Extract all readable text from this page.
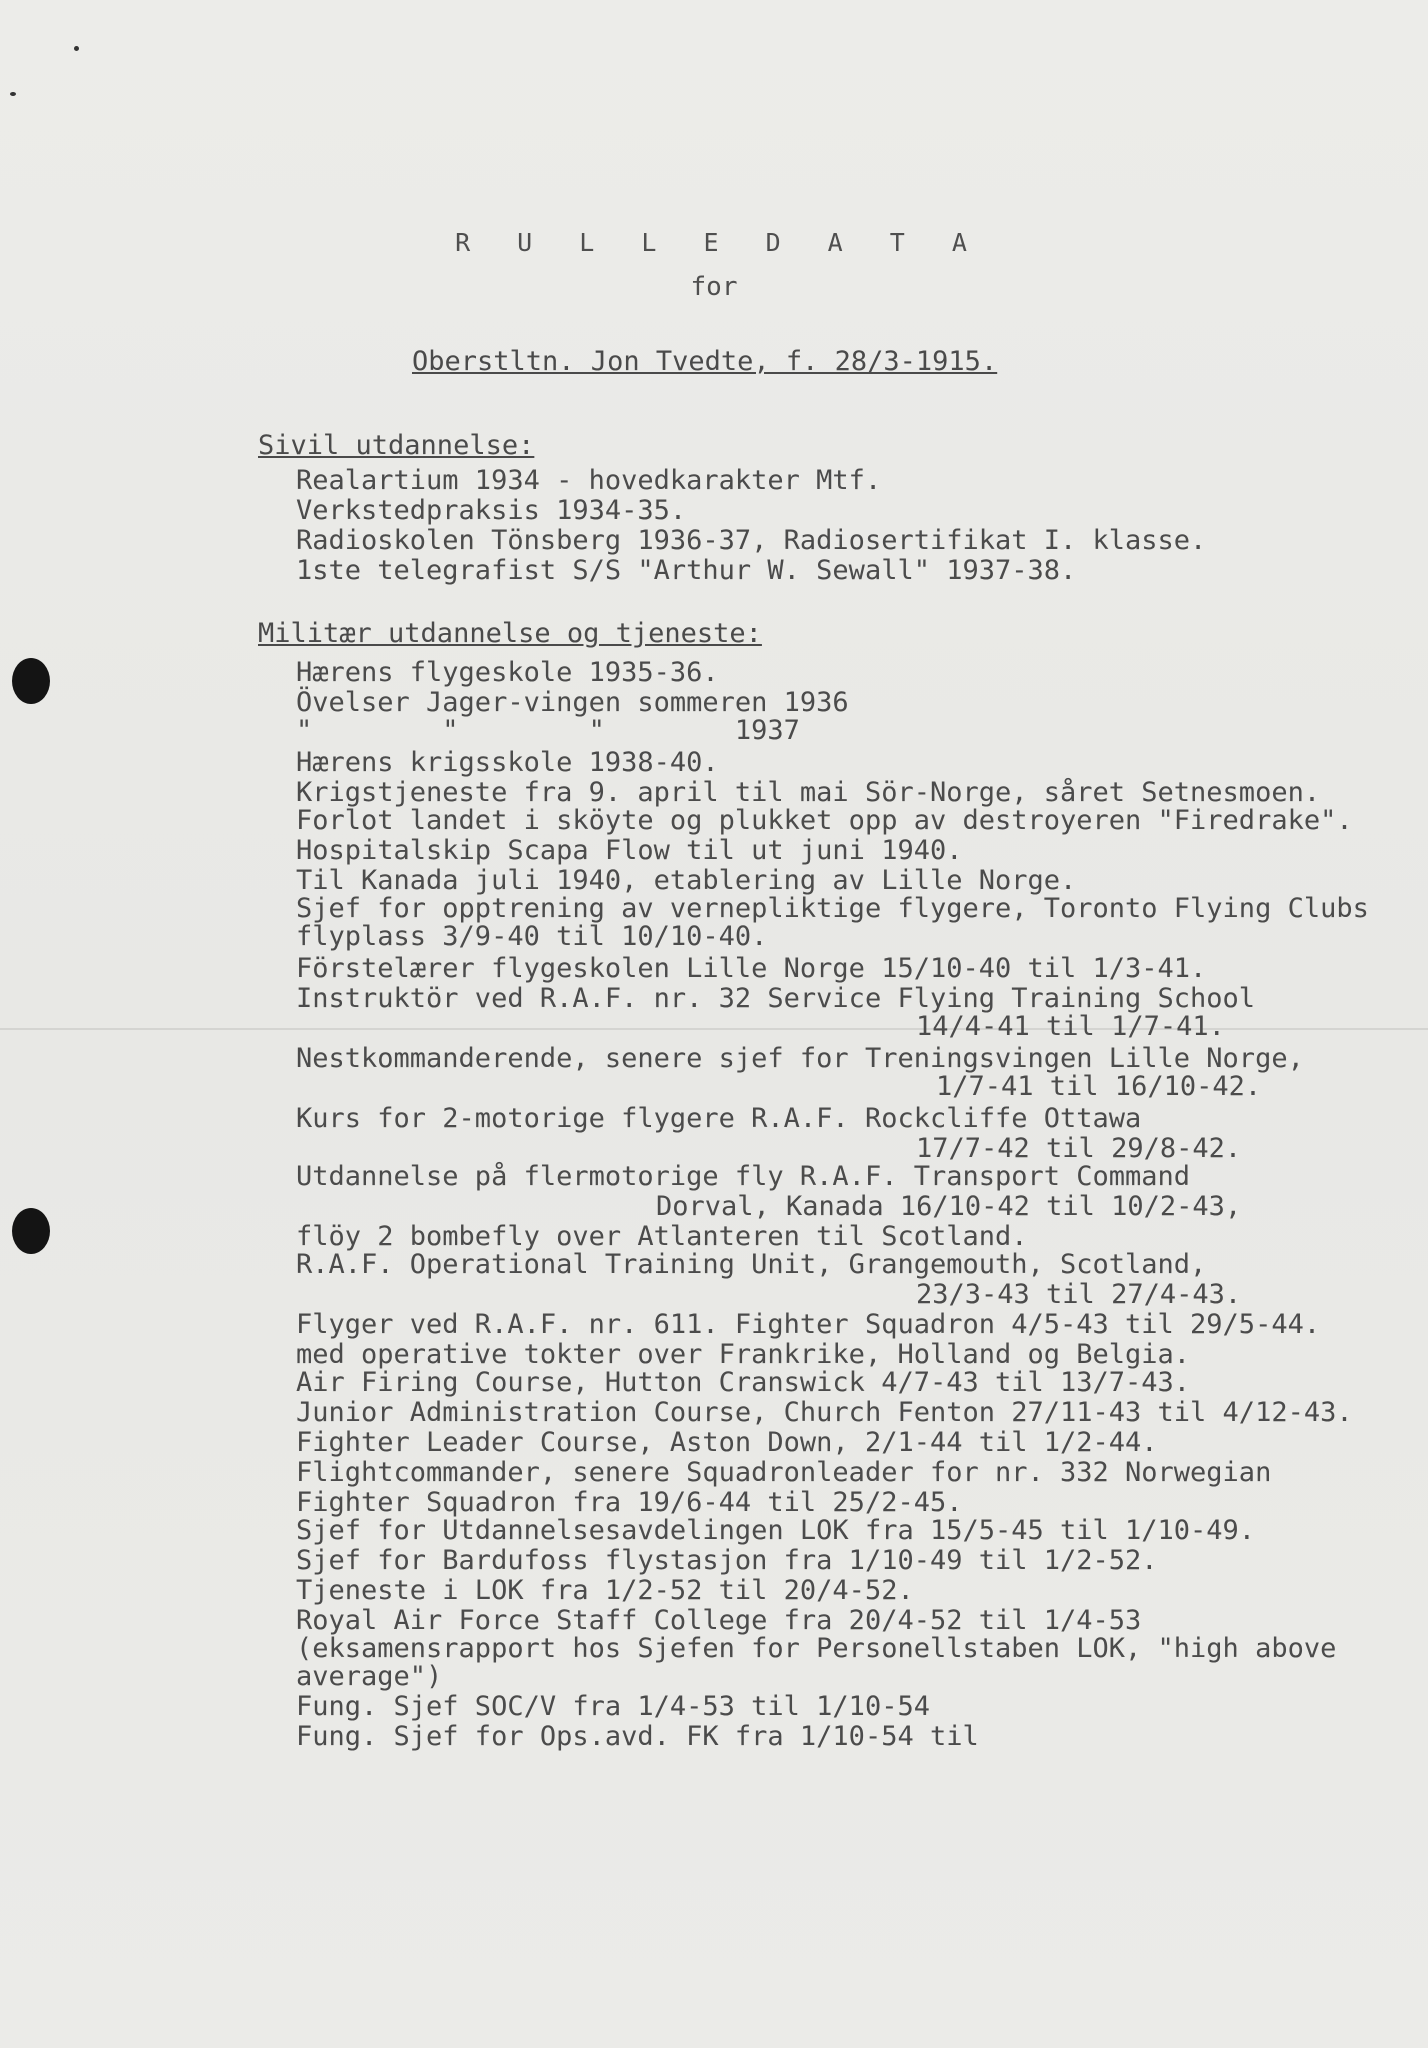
R U L L E D A T A
for
Oberstltn. Jon Tvedte, f. 28/3-1915.
Sivil utdannelse:
Realartium 1934 - hovedkarakter Mtf.
Verkstedpraksis 1934-35.
Radioskolen Tönsberg 1936-37, Radiosertifikat I. klasse.
1ste telegrafist S/S "Arthur W. Sewall" 1937-38.
Militær utdannelse og tjeneste:
Hærens flygeskole 1935-36.
Övelser Jager-vingen sommeren 1936
"        "        "        1937
Hærens krigsskole 1938-40.
Krigstjeneste fra 9. april til mai Sör-Norge, såret Setnesmoen.
Forlot landet i sköyte og plukket opp av destroyeren "Firedrake".
Hospitalskip Scapa Flow til ut juni 1940.
Til Kanada juli 1940, etablering av Lille Norge.
Sjef for opptrening av vernepliktige flygere, Toronto Flying Clubs
flyplass 3/9-40 til 10/10-40.
Förstelærer flygeskolen Lille Norge 15/10-40 til 1/3-41.
Instruktör ved R.A.F. nr. 32 Service Flying Training School
14/4-41 til 1/7-41.
Nestkommanderende, senere sjef for Treningsvingen Lille Norge,
1/7-41 til 16/10-42.
Kurs for 2-motorige flygere R.A.F. Rockcliffe Ottawa
17/7-42 til 29/8-42.
Utdannelse på flermotorige fly R.A.F. Transport Command
Dorval, Kanada 16/10-42 til 10/2-43,
flöy 2 bombefly over Atlanteren til Scotland.
R.A.F. Operational Training Unit, Grangemouth, Scotland,
23/3-43 til 27/4-43.
Flyger ved R.A.F. nr. 611. Fighter Squadron 4/5-43 til 29/5-44.
med operative tokter over Frankrike, Holland og Belgia.
Air Firing Course, Hutton Cranswick 4/7-43 til 13/7-43.
Junior Administration Course, Church Fenton 27/11-43 til 4/12-43.
Fighter Leader Course, Aston Down, 2/1-44 til 1/2-44.
Flightcommander, senere Squadronleader for nr. 332 Norwegian
Fighter Squadron fra 19/6-44 til 25/2-45.
Sjef for Utdannelsesavdelingen LOK fra 15/5-45 til 1/10-49.
Sjef for Bardufoss flystasjon fra 1/10-49 til 1/2-52.
Tjeneste i LOK fra 1/2-52 til 20/4-52.
Royal Air Force Staff College fra 20/4-52 til 1/4-53
(eksamensrapport hos Sjefen for Personellstaben LOK, "high above
average")
Fung. Sjef SOC/V fra 1/4-53 til 1/10-54
Fung. Sjef for Ops.avd. FK fra 1/10-54 til
